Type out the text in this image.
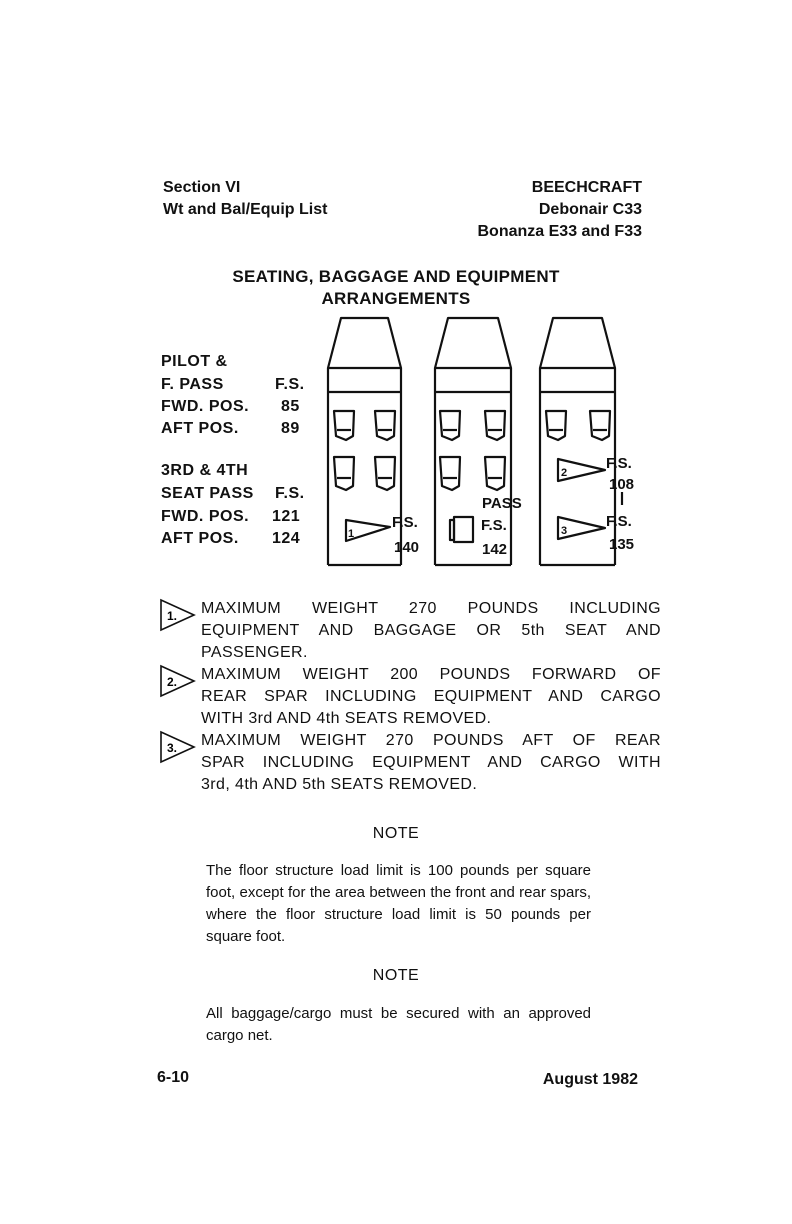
Section VI
Wt and Bal/Equip List
BEECHCRAFT
Debonair C33
Bonanza E33 and F33
SEATING, BAGGAGE AND EQUIPMENT
ARRANGEMENTS
PILOT &
F. PASS	F.S.
FWD. POS. 85
AFT POS.	89
3RD & 4TH
SEAT PASS F.S.
FWD. POS. 121
AFT POS. 124
F.S.
140
1
PASS
F.S.
142
F.S.
108
F.S.
135
2
3
1. MAXIMUM WEIGHT 270 POUNDS INCLUDING
EQUIPMENT AND BAGGAGE OR 5th SEAT AND
PASSENGER.
2. MAXIMUM WEIGHT 200 POUNDS FORWARD OF
REAR SPAR INCLUDING EQUIPMENT AND CARGO
WITH 3rd AND 4th SEATS REMOVED.
3. MAXIMUM WEIGHT 270 POUNDS AFT OF REAR
SPAR INCLUDING EQUIPMENT AND CARGO WITH
3rd, 4th AND 5th SEATS REMOVED.
NOTE
The floor structure load limit is 100 pounds per square foot, except for the area between the front and rear spars, where the floor structure load limit is 50 pounds per square foot.
NOTE
All baggage/cargo must be secured with an approved cargo net.
6-10	August 1982
